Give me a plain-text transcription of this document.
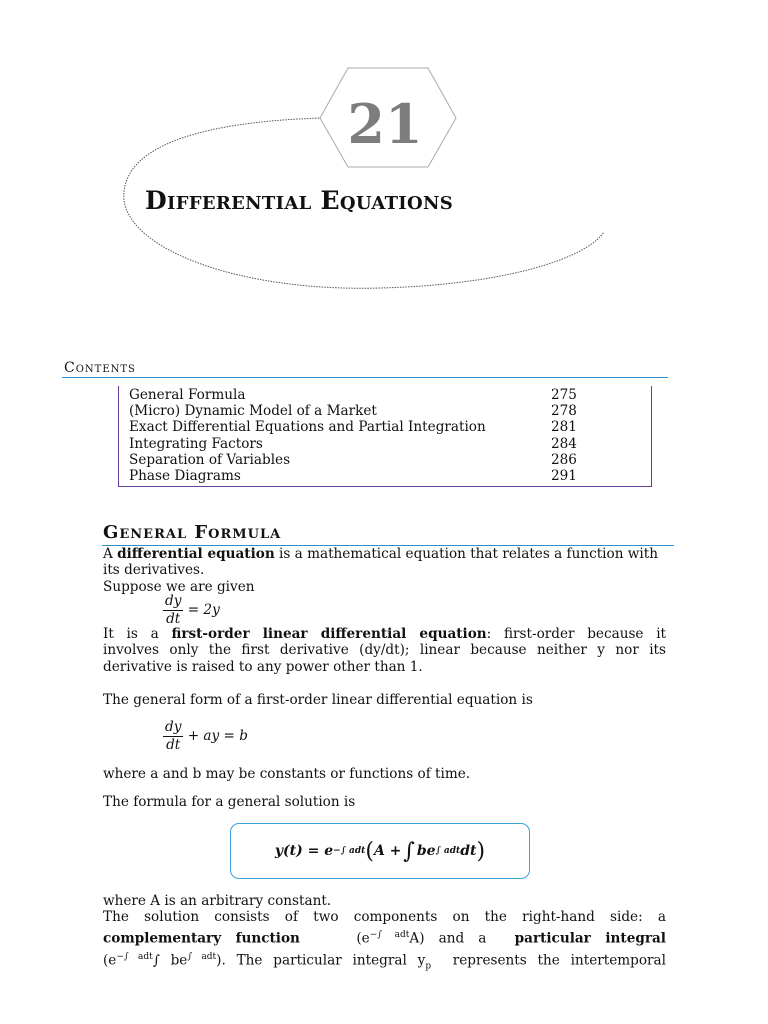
21
Differential Equations
Contents
General Formula	275
(Micro) Dynamic Model of a Market	278
Exact Differential Equations and Partial Integration	281
Integrating Factors	284
Separation of Variables	286
Phase Diagrams	291
General Formula
A differential equation is a mathematical equation that relates a function with
its derivatives.
Suppose we are given
$\frac{dy}{dt} = 2y$
It is a first-order linear differential equation: first-order because it
involves only the first derivative (dy/dt); linear because neither y nor its
derivative is raised to any power other than 1.
The general form of a first-order linear differential equation is
$\frac{dy}{dt}$ + ay = b
where a and b may be constants or functions of time.
The formula for a general solution is
y(t) = e −∫ adt ( A + ∫ be ∫ adt dt )
where A is an arbitrary constant.
The solution consists of two components on the right-hand side: a
complementary function	$(e^{-\int adt}A)$ and a particular integral
($e^{-\int adt}\int$ $be^{\int adt}$). The particular integral $y_p$ represents the intertemporal
